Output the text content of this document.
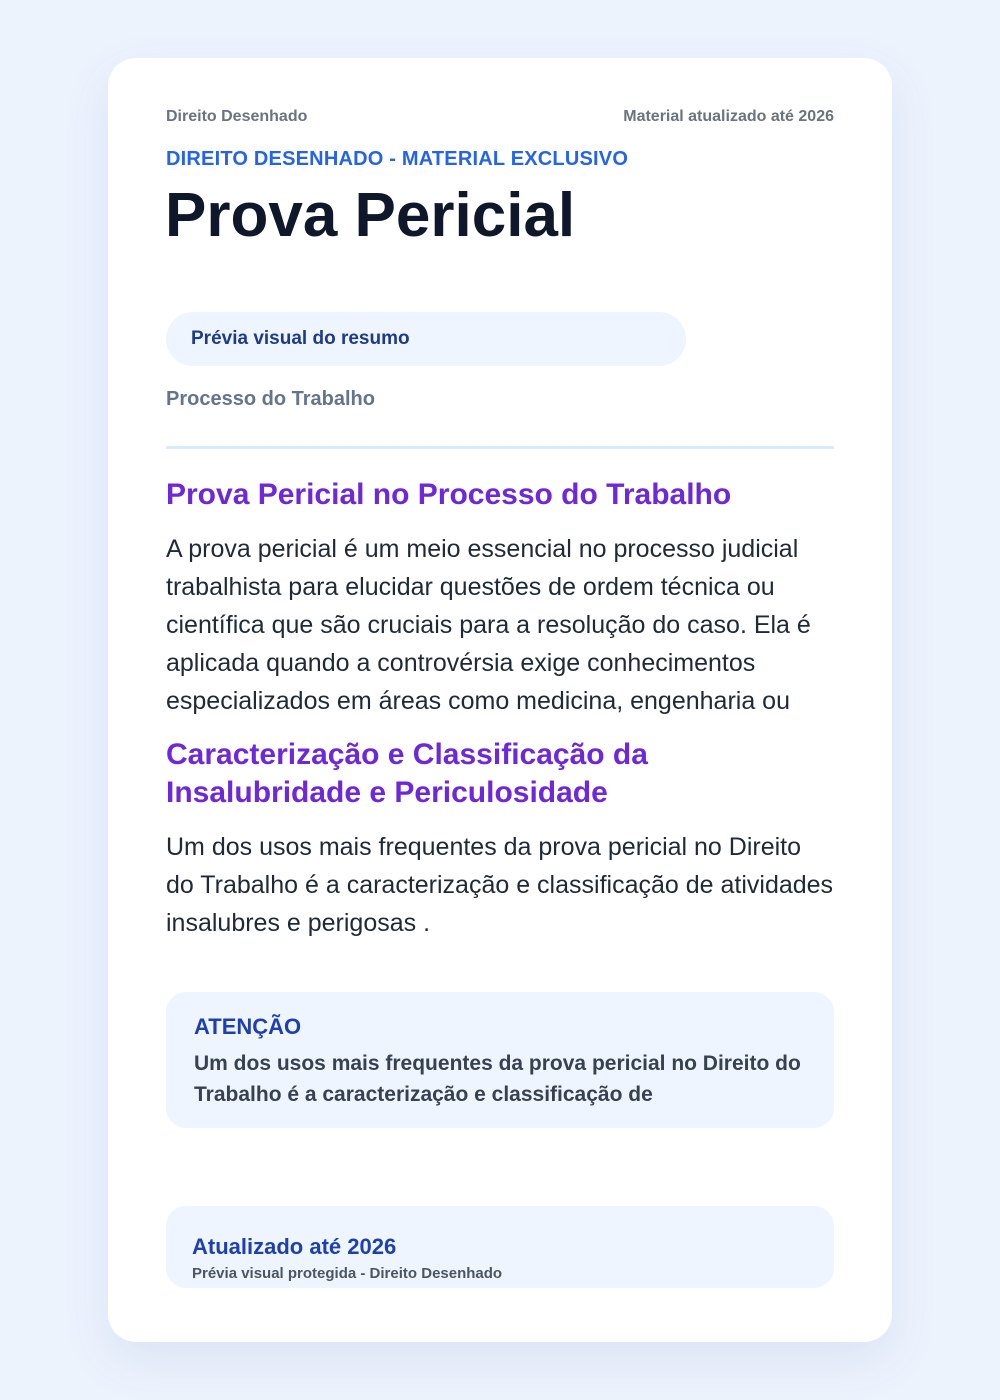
Direito Desenhado	Material atualizado até 2026
DIREITO DESENHADO - MATERIAL EXCLUSIVO
Prova Pericial
Prévia visual do resumo
Processo do Trabalho
Prova Pericial no Processo do Trabalho
A prova pericial é um meio essencial no processo judicial trabalhista para elucidar questões de ordem técnica ou científica que são cruciais para a resolução do caso. Ela é aplicada quando a controvérsia exige conhecimentos especializados em áreas como medicina, engenharia ou
Caracterização e Classificação da Insalubridade e Periculosidade
Um dos usos mais frequentes da prova pericial no Direito do Trabalho é a caracterização e classificação de atividades insalubres e perigosas .
ATENÇÃO
Um dos usos mais frequentes da prova pericial no Direito do Trabalho é a caracterização e classificação de
Atualizado até 2026
Prévia visual protegida - Direito Desenhado
